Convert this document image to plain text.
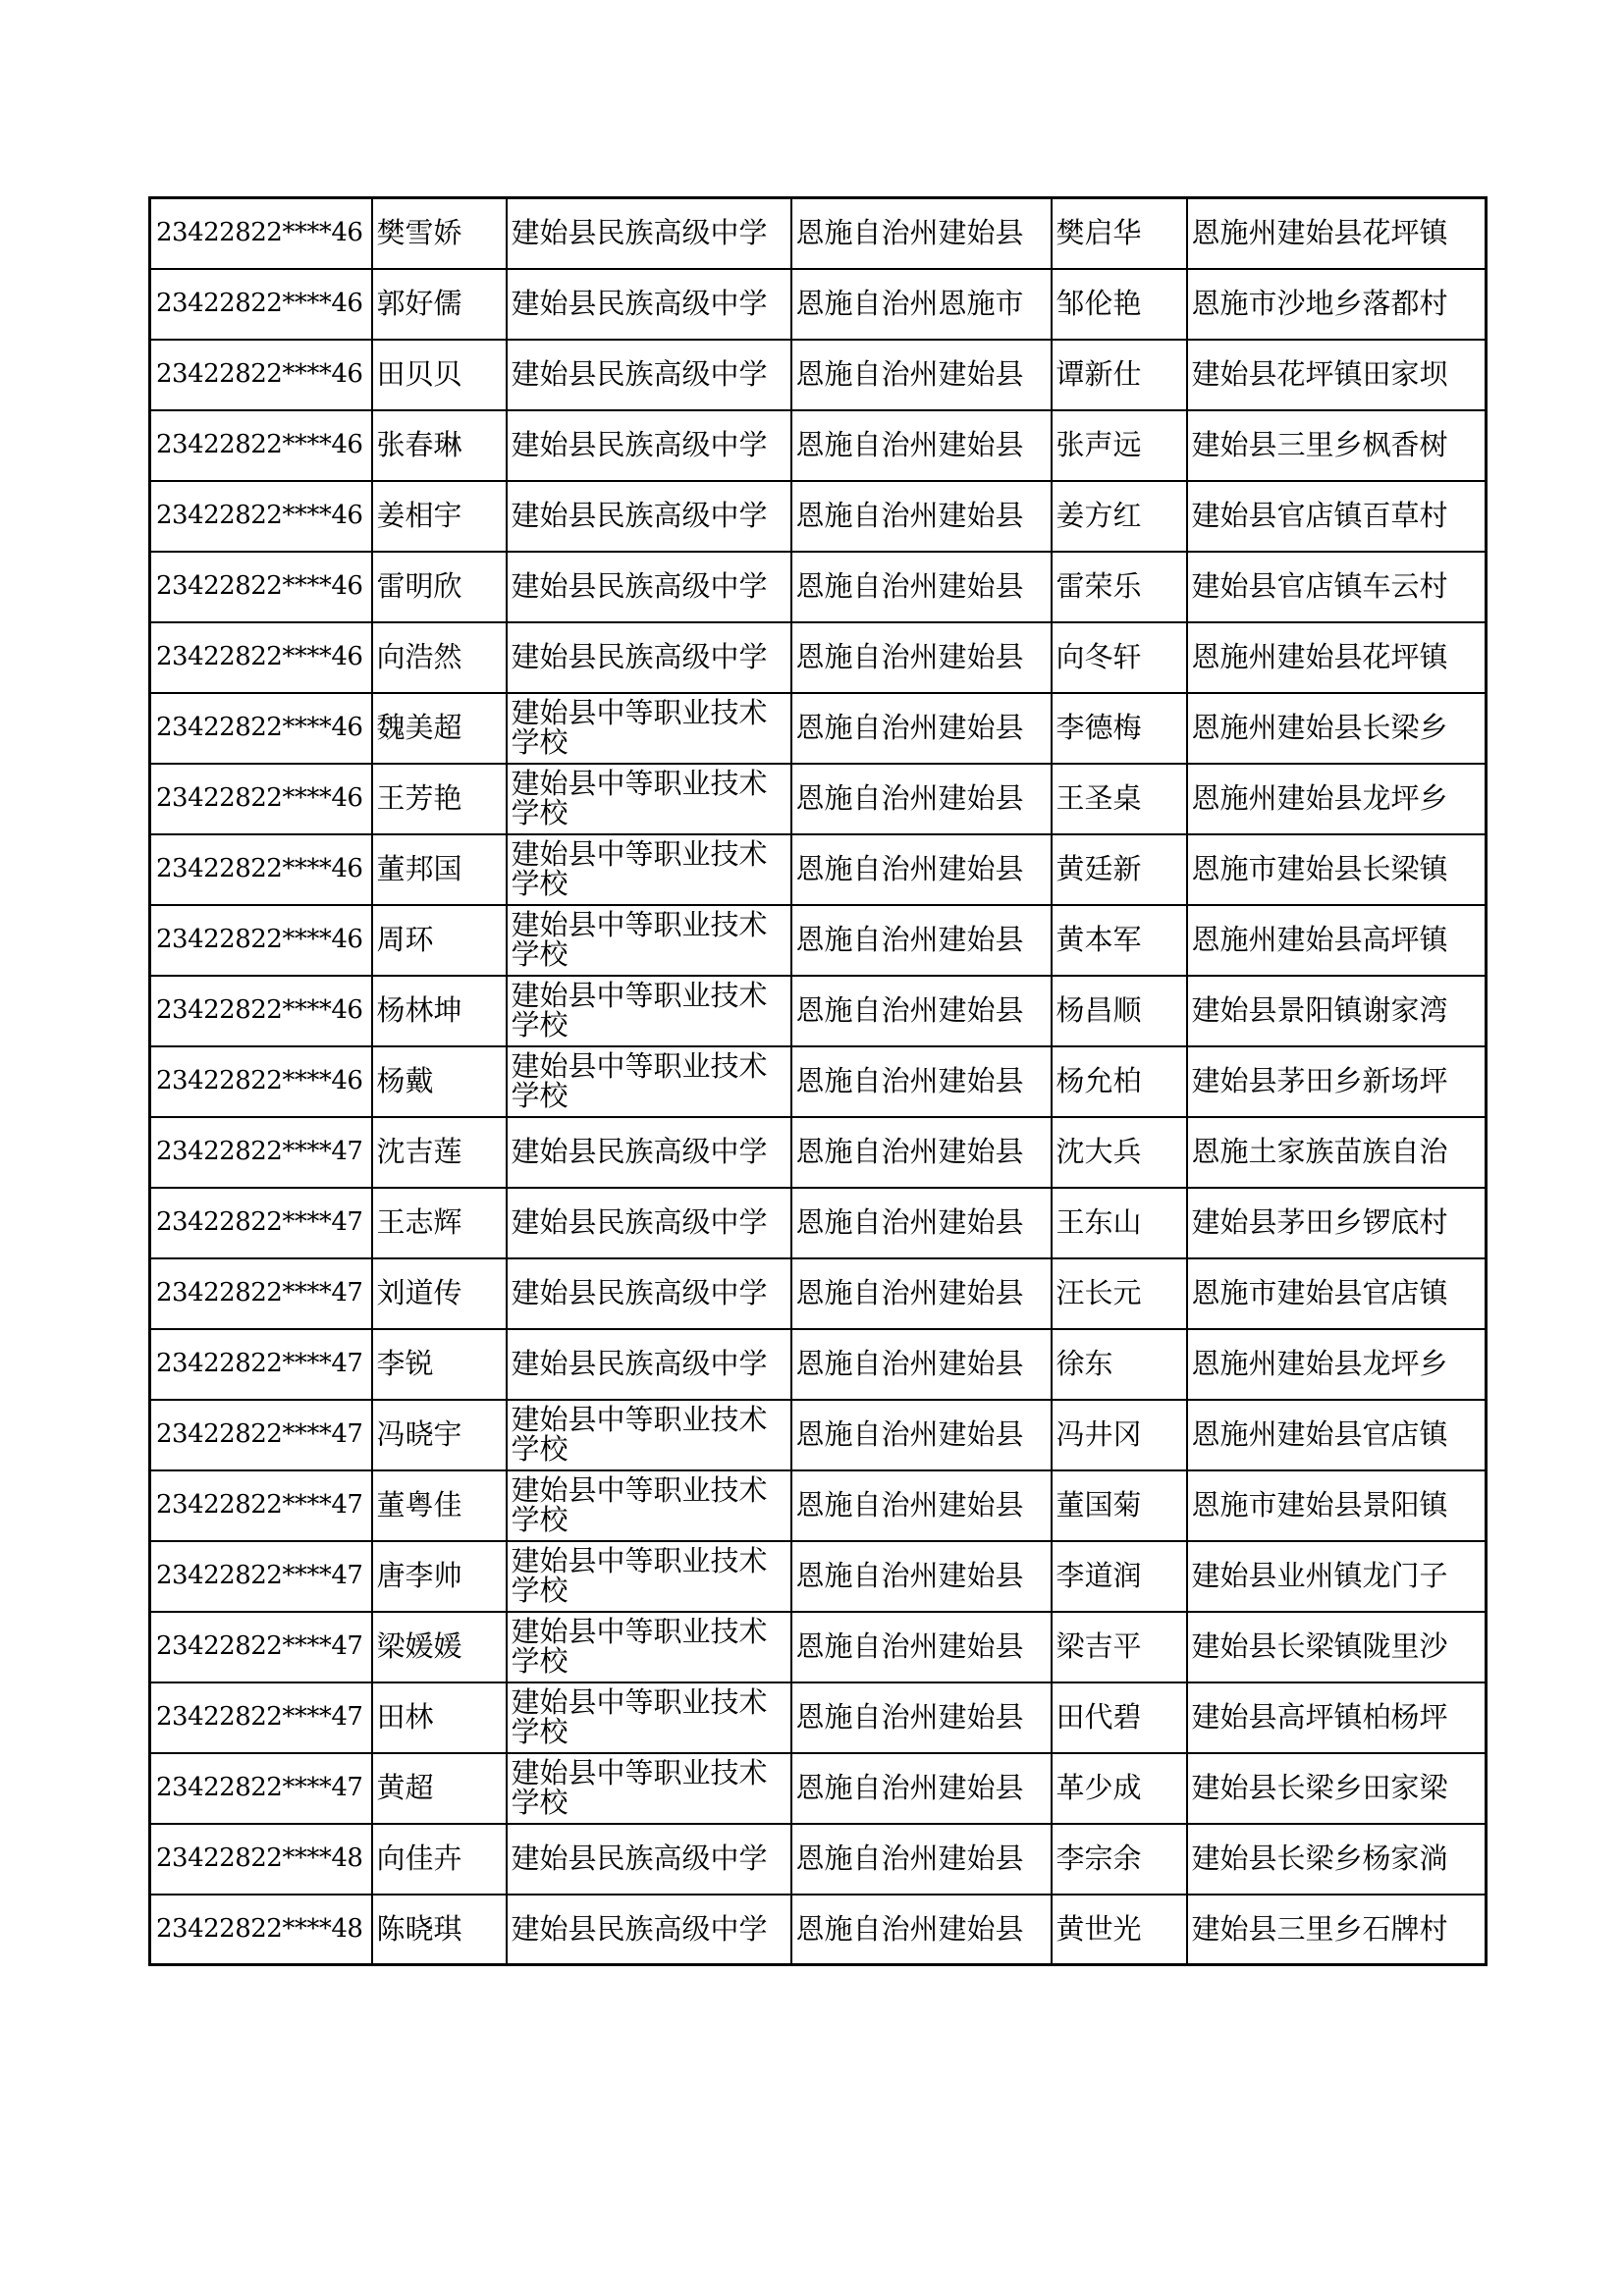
23422822****46	樊雪娇	建始县民族高级中学	恩施自治州建始县	樊启华	恩施州建始县花坪镇
23422822****46	郭好儒	建始县民族高级中学	恩施自治州恩施市	邹伦艳	恩施市沙地乡落都村
23422822****46	田贝贝	建始县民族高级中学	恩施自治州建始县	谭新仕	建始县花坪镇田家坝
23422822****46	张春琳	建始县民族高级中学	恩施自治州建始县	张声远	建始县三里乡枫香树
23422822****46	姜相宇	建始县民族高级中学	恩施自治州建始县	姜方红	建始县官店镇百草村
23422822****46	雷明欣	建始县民族高级中学	恩施自治州建始县	雷荣乐	建始县官店镇车云村
23422822****46	向浩然	建始县民族高级中学	恩施自治州建始县	向冬轩	恩施州建始县花坪镇
23422822****46	魏美超	建始县中等职业技术学校	恩施自治州建始县	李德梅	恩施州建始县长梁乡
23422822****46	王芳艳	建始县中等职业技术学校	恩施自治州建始县	王圣桌	恩施州建始县龙坪乡
23422822****46	董邦国	建始县中等职业技术学校	恩施自治州建始县	黄廷新	恩施市建始县长梁镇
23422822****46	周环	建始县中等职业技术学校	恩施自治州建始县	黄本军	恩施州建始县高坪镇
23422822****46	杨林坤	建始县中等职业技术学校	恩施自治州建始县	杨昌顺	建始县景阳镇谢家湾
23422822****46	杨戴	建始县中等职业技术学校	恩施自治州建始县	杨允柏	建始县茅田乡新场坪
23422822****47	沈吉莲	建始县民族高级中学	恩施自治州建始县	沈大兵	恩施土家族苗族自治
23422822****47	王志辉	建始县民族高级中学	恩施自治州建始县	王东山	建始县茅田乡锣底村
23422822****47	刘道传	建始县民族高级中学	恩施自治州建始县	汪长元	恩施市建始县官店镇
23422822****47	李锐	建始县民族高级中学	恩施自治州建始县	徐东	恩施州建始县龙坪乡
23422822****47	冯晓宇	建始县中等职业技术学校	恩施自治州建始县	冯井冈	恩施州建始县官店镇
23422822****47	董粤佳	建始县中等职业技术学校	恩施自治州建始县	董国菊	恩施市建始县景阳镇
23422822****47	唐李帅	建始县中等职业技术学校	恩施自治州建始县	李道润	建始县业州镇龙门子
23422822****47	梁媛媛	建始县中等职业技术学校	恩施自治州建始县	梁吉平	建始县长梁镇陇里沙
23422822****47	田林	建始县中等职业技术学校	恩施自治州建始县	田代碧	建始县高坪镇柏杨坪
23422822****47	黄超	建始县中等职业技术学校	恩施自治州建始县	革少成	建始县长梁乡田家梁
23422822****48	向佳卉	建始县民族高级中学	恩施自治州建始县	李宗余	建始县长梁乡杨家淌
23422822****48	陈晓琪	建始县民族高级中学	恩施自治州建始县	黄世光	建始县三里乡石牌村
